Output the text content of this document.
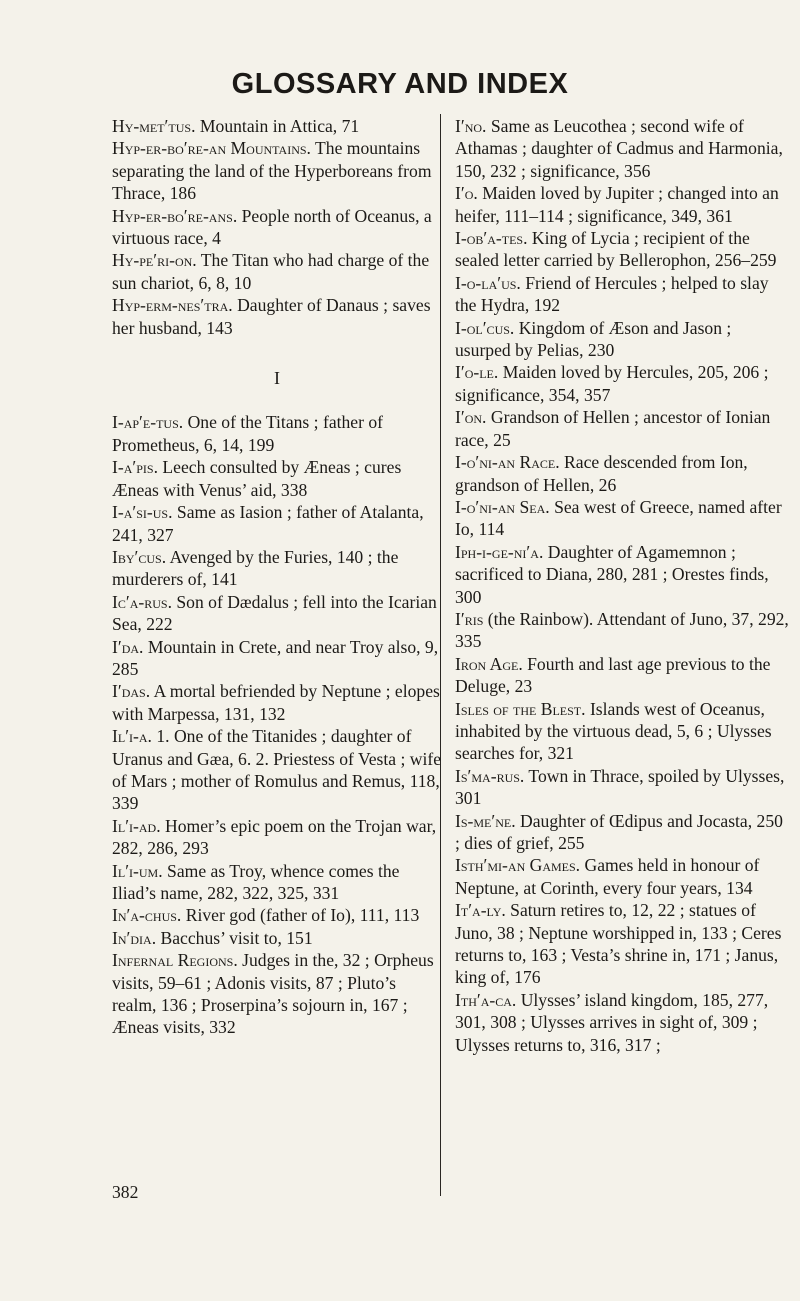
GLOSSARY AND INDEX
Hy-met′tus. Mountain in Attica, 71
Hyp-er-bo′re-an Mountains. The mountains separating the land of the Hyperboreans from Thrace, 186
Hyp-er-bo′re-ans. People north of Oceanus, a virtuous race, 4
Hy-pe′ri-on. The Titan who had charge of the sun chariot, 6, 8, 10
Hyp-erm-nes′tra. Daughter of Danaus ; saves her husband, 143
I
I-ap′e-tus. One of the Titans ; father of Prometheus, 6, 14, 199
I-a′pis. Leech consulted by Æneas ; cures Æneas with Venus’ aid, 338
I-a′si-us. Same as Iasion ; father of Atalanta, 241, 327
Iby′cus. Avenged by the Furies, 140 ; the murderers of, 141
Ic′a-rus. Son of Dædalus ; fell into the Icarian Sea, 222
I′da. Mountain in Crete, and near Troy also, 9, 285
I′das. A mortal befriended by Neptune ; elopes with Marpessa, 131, 132
Il′i-a. 1. One of the Titanides ; daughter of Uranus and Gæa, 6. 2. Priestess of Vesta ; wife of Mars ; mother of Romulus and Remus, 118, 339
Il′i-ad. Homer’s epic poem on the Trojan war, 282, 286, 293
Il′i-um. Same as Troy, whence comes the Iliad’s name, 282, 322, 325, 331
In′a-chus. River god (father of Io), 111, 113
In′dia. Bacchus’ visit to, 151
Infernal Regions. Judges in the, 32 ; Orpheus visits, 59–61 ; Adonis visits, 87 ; Pluto’s realm, 136 ; Proserpina’s sojourn in, 167 ; Æneas visits, 332
I′no. Same as Leucothea ; second wife of Athamas ; daughter of Cadmus and Harmonia, 150, 232 ; significance, 356
I′o. Maiden loved by Jupiter ; changed into an heifer, 111–114 ; significance, 349, 361
I-ob′a-tes. King of Lycia ; recipient of the sealed letter carried by Bellerophon, 256–259
I-o-la′us. Friend of Hercules ; helped to slay the Hydra, 192
I-ol′cus. Kingdom of Æson and Jason ; usurped by Pelias, 230
I′o-le. Maiden loved by Hercules, 205, 206 ; significance, 354, 357
I′on. Grandson of Hellen ; ancestor of Ionian race, 25
I-o′ni-an Race. Race descended from Ion, grandson of Hellen, 26
I-o′ni-an Sea. Sea west of Greece, named after Io, 114
Iph-i-ge-ni′a. Daughter of Agamemnon ; sacrificed to Diana, 280, 281 ; Orestes finds, 300
I′ris (the Rainbow). Attendant of Juno, 37, 292, 335
Iron Age. Fourth and last age previous to the Deluge, 23
Isles of the Blest. Islands west of Oceanus, inhabited by the virtuous dead, 5, 6 ; Ulysses searches for, 321
Is′ma-rus. Town in Thrace, spoiled by Ulysses, 301
Is-me′ne. Daughter of Œdipus and Jocasta, 250 ; dies of grief, 255
Isth′mi-an Games. Games held in honour of Neptune, at Corinth, every four years, 134
It′a-ly. Saturn retires to, 12, 22 ; statues of Juno, 38 ; Neptune worshipped in, 133 ; Ceres returns to, 163 ; Vesta’s shrine in, 171 ; Janus, king of, 176
Ith′a-ca. Ulysses’ island kingdom, 185, 277, 301, 308 ; Ulysses arrives in sight of, 309 ; Ulysses returns to, 316, 317 ;
382
